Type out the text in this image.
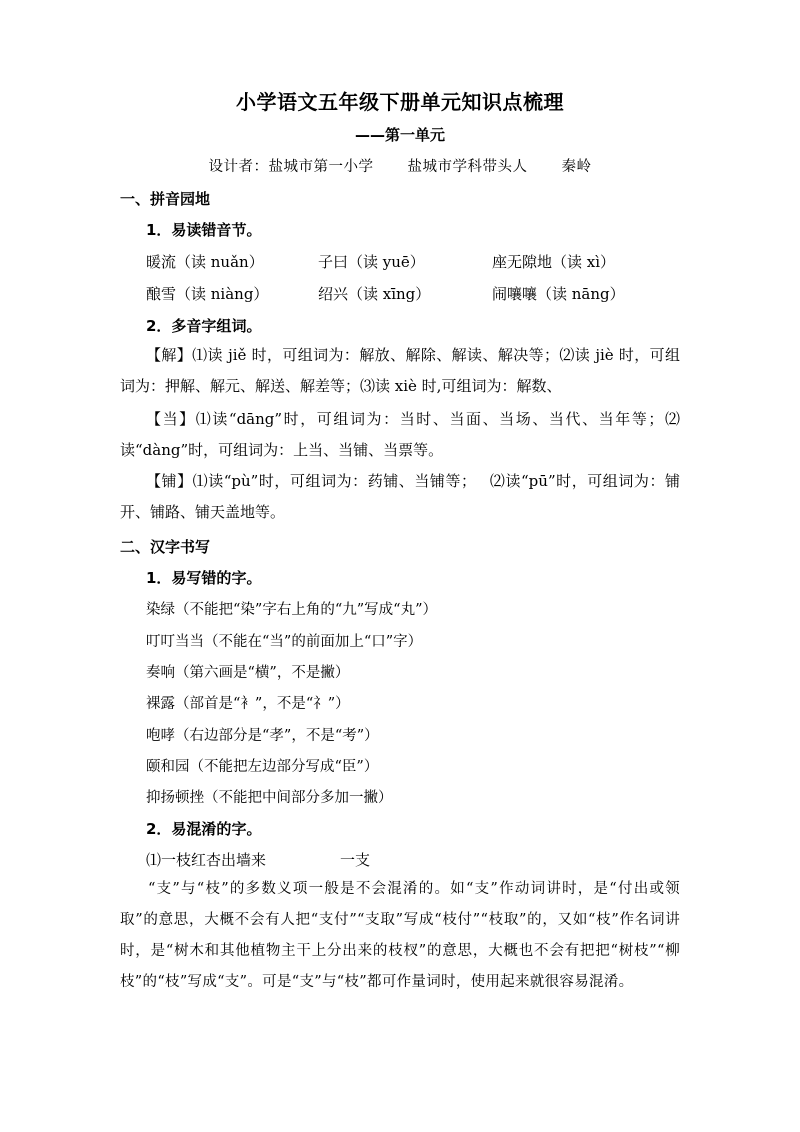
小学语文五年级下册单元知识点梳理
——第一单元
设计者：盐城市第一小学 盐城市学科带头人 秦岭
一、拼音园地
1．易读错音节。
暖流（读 nuǎn）	子曰（读 yuē）	座无隙地（读 xì）
酿雪（读 niàng）	绍兴（读 xīng）	闹嚷嚷（读 nāng）
2．多音字组词。
【解】⑴读 jiě 时，可组词为：解放、解除、解读、解决等；⑵读 jiè 时，可组词为：押解、解元、解送、解差等；⑶读 xiè 时,可组词为：解数、
【当】⑴读“dāng”时，可组词为：当时、当面、当场、当代、当年等；⑵读“dàng”时，可组词为：上当、当铺、当票等。
【铺】⑴读“pù”时，可组词为：药铺、当铺等；　 ⑵读“pū”时，可组词为：铺开、铺路、铺天盖地等。
二、汉字书写
1．易写错的字。
染绿（不能把“染”字右上角的“九”写成“丸”）
叮叮当当（不能在“当”的前面加上“口”字）
奏响（第六画是“横”，不是撇）
裸露（部首是“衤”，不是“礻”）
咆哮（右边部分是“孝”，不是“考”）
颐和园（不能把左边部分写成“臣”）
抑扬顿挫（不能把中间部分多加一撇）
2．易混淆的字。
⑴一枝红杏出墙来	一支
“支”与“枝”的多数义项一般是不会混淆的。如“支”作动词讲时，是“付出或领取”的意思，大概不会有人把“支付”“支取”写成“枝付”“枝取”的，又如“枝”作名词讲时，是“树木和其他植物主干上分出来的枝杈”的意思，大概也不会有把把“树枝”“柳枝”的“枝”写成“支”。可是“支”与“枝”都可作量词时，使用起来就很容易混淆。
